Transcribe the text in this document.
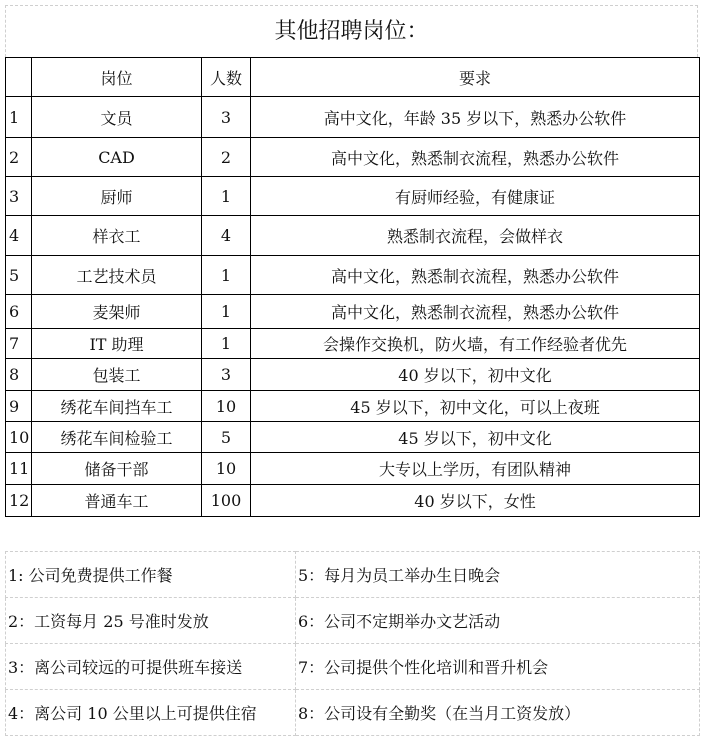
其他招聘岗位：
	岗位	人数	要求
1	文员	3	高中文化，年龄 35 岁以下，熟悉办公软件
2	CAD	2	高中文化，熟悉制衣流程，熟悉办公软件
3	厨师	1	有厨师经验，有健康证
4	样衣工	4	熟悉制衣流程，会做样衣
5	工艺技术员	1	高中文化，熟悉制衣流程，熟悉办公软件
6	麦架师	1	高中文化，熟悉制衣流程，熟悉办公软件
7	IT 助理	1	会操作交换机，防火墙，有工作经验者优先
8	包装工	3	40 岁以下，初中文化
9	绣花车间挡车工	10	45 岁以下，初中文化，可以上夜班
10	绣花车间检验工	5	45 岁以下，初中文化
11	储备干部	10	大专以上学历，有团队精神
12	普通车工	100	40 岁以下，女性
1: 公司免费提供工作餐	5：每月为员工举办生日晚会
2：工资每月 25 号准时发放	6：公司不定期举办文艺活动
3：离公司较远的可提供班车接送	7：公司提供个性化培训和晋升机会
4：离公司 10 公里以上可提供住宿	8：公司设有全勤奖（在当月工资发放）
